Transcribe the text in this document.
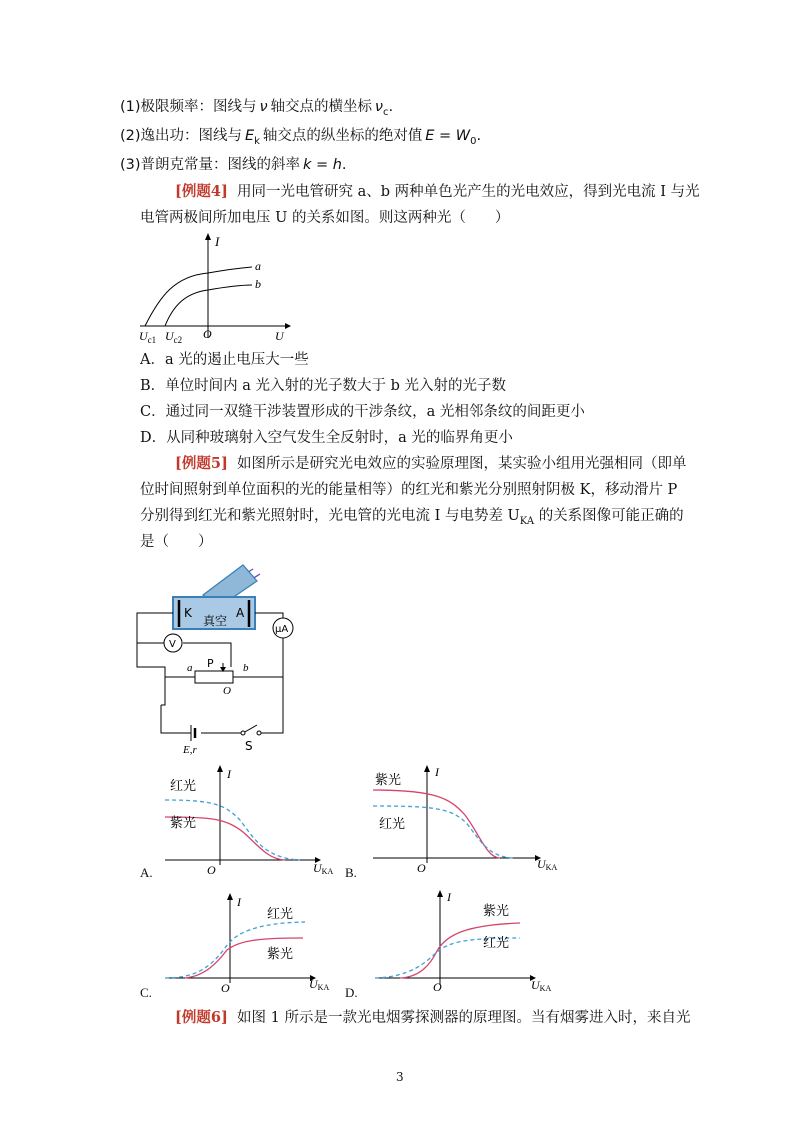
(1)极限频率：图线与  ν  轴交点的横坐标  $\nu_c$.
(2)逸出功：图线与  $E_k$  轴交点的纵坐标的绝对值  $E = W_0$.
(3)普朗克常量：图线的斜率  k = h.
[例题4] 用同一光电管研究 a、b 两种单色光产生的光电效应，得到光电流 I 与光
电管两极间所加电压 U 的关系如图。则这两种光（　　）
I
a
b
O	U
$U_{c1}$ $U_{c2}$
A．a 光的遏止电压大一些
B．单位时间内 a 光入射的光子数大于 b 光入射的光子数
C．通过同一双缝干涉装置形成的干涉条纹，a 光相邻条纹的间距更小
D．从同种玻璃射入空气发生全反射时，a 光的临界角更小
[例题5] 如图所示是研究光电效应的实验原理图，某实验小组用光强相同（即单
位时间照射到单位面积的光的能量相等）的红光和紫光分别照射阴极 K，移动滑片 P
分别得到红光和紫光照射时，光电管的光电流 I 与电势差 $U_{KA}$ 的关系图像可能正确的
是（　　）
K	A
真空
μA
V
P
a	b
O
E,r	S
红光
紫光
I
O	UKA
A.
紫光
红光
I
O	UKA
B.
红光
紫光
I
O	UKA
C.
紫光
红光
I
O	UKA
D.
[例题6] 如图 1 所示是一款光电烟雾探测器的原理图。当有烟雾进入时，来自光
3
